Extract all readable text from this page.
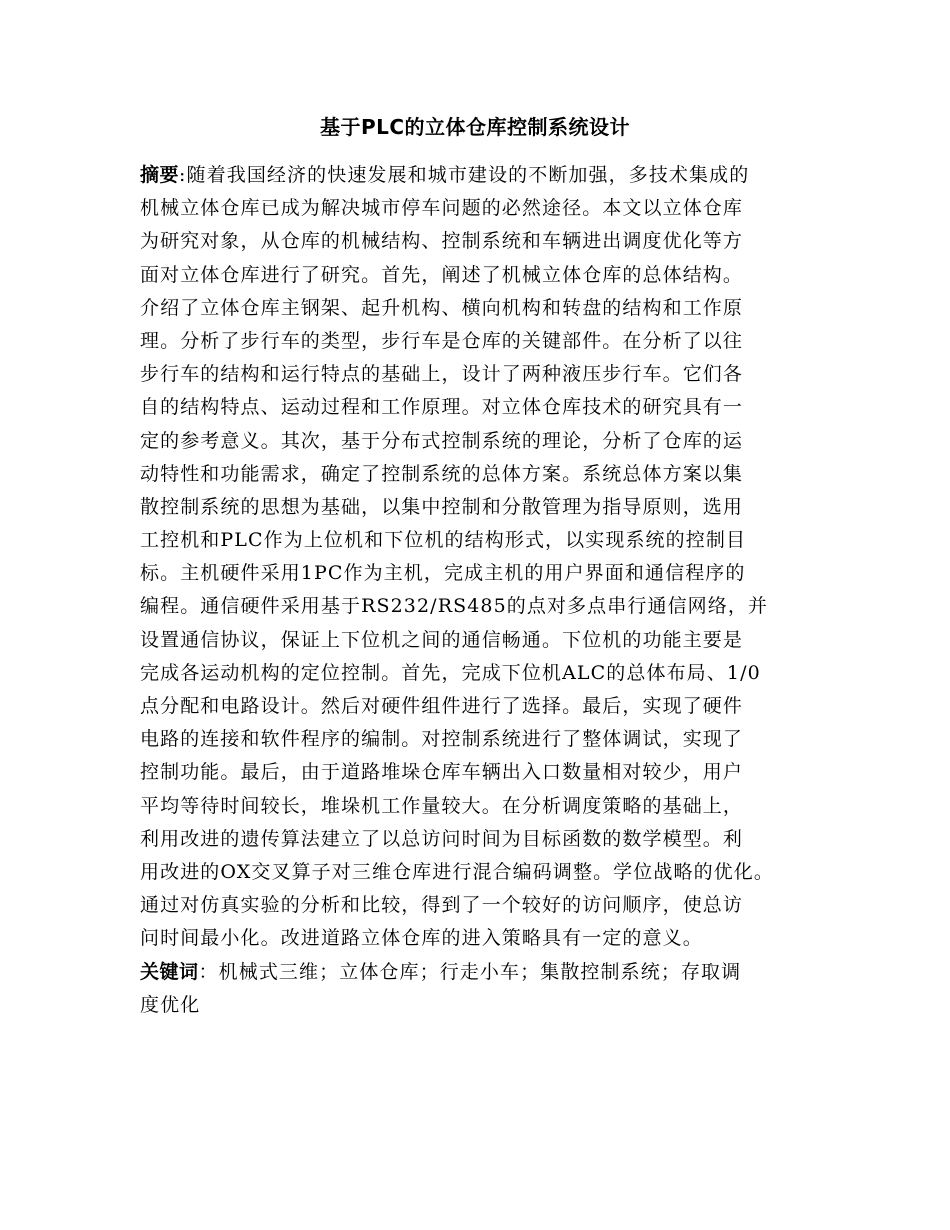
基于PLC的立体仓库控制系统设计
摘要:随着我国经济的快速发展和城市建设的不断加强，多技术集成的
机械立体仓库已成为解决城市停车问题的必然途径。本文以立体仓库
为研究对象，从仓库的机械结构、控制系统和车辆进出调度优化等方
面对立体仓库进行了研究。首先，阐述了机械立体仓库的总体结构。
介绍了立体仓库主钢架、起升机构、横向机构和转盘的结构和工作原
理。分析了步行车的类型，步行车是仓库的关键部件。在分析了以往
步行车的结构和运行特点的基础上，设计了两种液压步行车。它们各
自的结构特点、运动过程和工作原理。对立体仓库技术的研究具有一
定的参考意义。其次，基于分布式控制系统的理论，分析了仓库的运
动特性和功能需求，确定了控制系统的总体方案。系统总体方案以集
散控制系统的思想为基础，以集中控制和分散管理为指导原则，选用
工控机和PLC作为上位机和下位机的结构形式，以实现系统的控制目
标。主机硬件采用1PC作为主机，完成主机的用户界面和通信程序的
编程。通信硬件采用基于RS232/RS485的点对多点串行通信网络，并
设置通信协议，保证上下位机之间的通信畅通。下位机的功能主要是
完成各运动机构的定位控制。首先，完成下位机ALC的总体布局、1/0
点分配和电路设计。然后对硬件组件进行了选择。最后，实现了硬件
电路的连接和软件程序的编制。对控制系统进行了整体调试，实现了
控制功能。最后，由于道路堆垛仓库车辆出入口数量相对较少，用户
平均等待时间较长，堆垛机工作量较大。在分析调度策略的基础上，
利用改进的遗传算法建立了以总访问时间为目标函数的数学模型。利
用改进的OX交叉算子对三维仓库进行混合编码调整。学位战略的优化。
通过对仿真实验的分析和比较，得到了一个较好的访问顺序，使总访
问时间最小化。改进道路立体仓库的进入策略具有一定的意义。
关键词：机械式三维；立体仓库；行走小车；集散控制系统；存取调
度优化
